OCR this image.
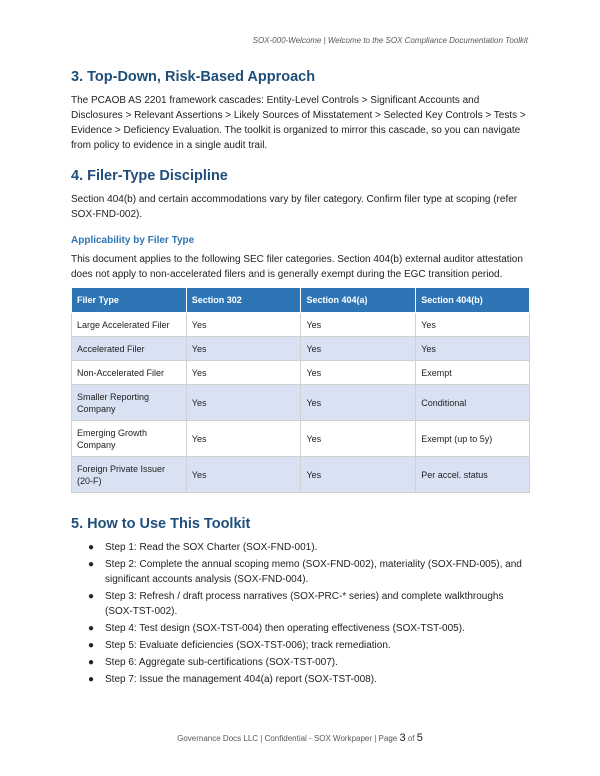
SOX-000-Welcome | Welcome to the SOX Compliance Documentation Toolkit
3. Top-Down, Risk-Based Approach

The PCAOB AS 2201 framework cascades: Entity-Level Controls > Significant Accounts and Disclosures > Relevant Assertions > Likely Sources of Misstatement > Selected Key Controls > Tests > Evidence > Deficiency Evaluation. The toolkit is organized to mirror this cascade, so you can navigate from policy to evidence in a single audit trail.

4. Filer-Type Discipline

Section 404(b) and certain accommodations vary by filer category. Confirm filer type at scoping (refer SOX-FND-002).

Applicability by Filer Type

This document applies to the following SEC filer categories. Section 404(b) external auditor attestation does not apply to non-accelerated filers and is generally exempt during the EGC transition period.

Filer Type	Section 302	Section 404(a)	Section 404(b)
Large Accelerated Filer	Yes	Yes	Yes
Accelerated Filer	Yes	Yes	Yes
Non-Accelerated Filer	Yes	Yes	Exempt
Smaller Reporting Company	Yes	Yes	Conditional
Emerging Growth Company	Yes	Yes	Exempt (up to 5y)
Foreign Private Issuer (20-F)	Yes	Yes	Per accel. status
5. How to Use This Toolkit
● Step 1: Read the SOX Charter (SOX-FND-001).
● Step 2: Complete the annual scoping memo (SOX-FND-002), materiality (SOX-FND-005), and significant accounts analysis (SOX-FND-004).
● Step 3: Refresh / draft process narratives (SOX-PRC-* series) and complete walkthroughs (SOX-TST-002).
● Step 4: Test design (SOX-TST-004) then operating effectiveness (SOX-TST-005).
● Step 5: Evaluate deficiencies (SOX-TST-006); track remediation.
● Step 6: Aggregate sub-certifications (SOX-TST-007).
● Step 7: Issue the management 404(a) report (SOX-TST-008).
Governance Docs LLC | Confidential - SOX Workpaper | Page 3 of 5
